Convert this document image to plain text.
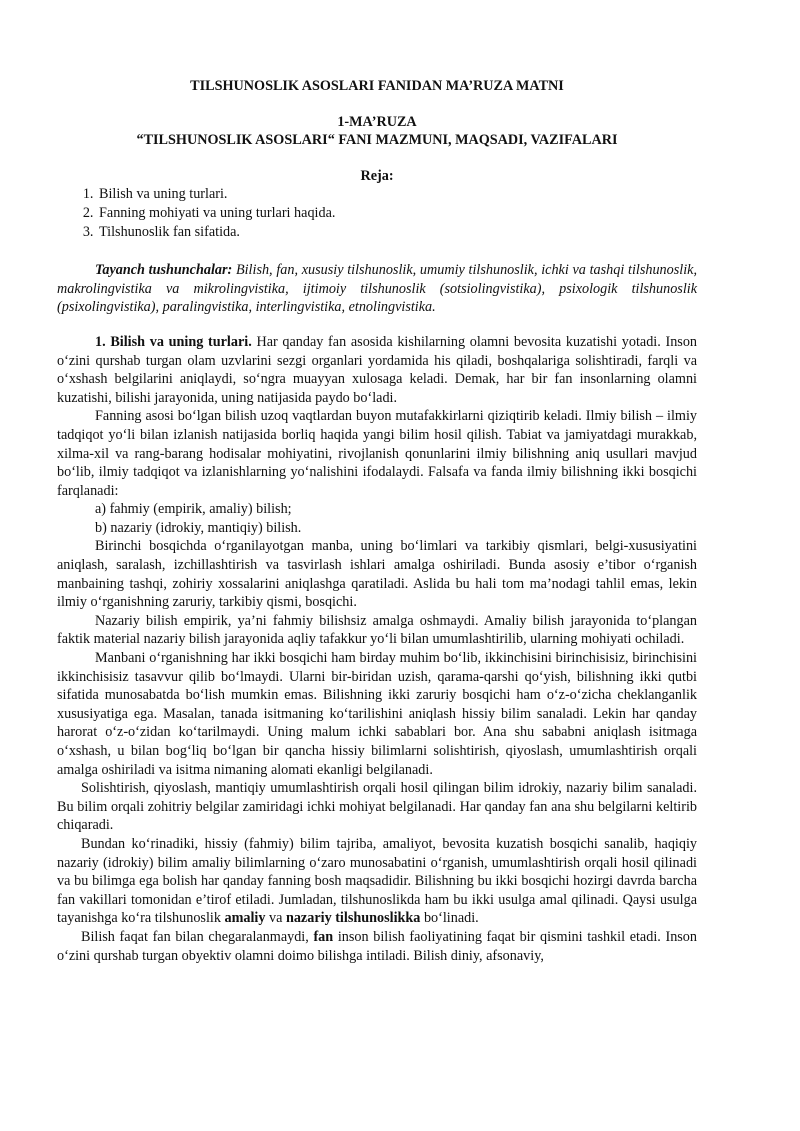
TILSHUNOSLIK ASOSLARI FANIDAN MA’RUZA MATNI
1-MA’RUZA
“TILSHUNOSLIK ASOSLARI“ FANI MAZMUNI, MAQSADI, VAZIFALARI
Reja:
1. Bilish va uning turlari.
2. Fanning mohiyati va uning turlari haqida.
3. Tilshunoslik fan sifatida.
Tayanch tushunchalar: Bilish, fan, xususiy tilshunoslik, umumiy tilshunoslik, ichki va tashqi tilshunoslik, makrolingvistika va mikrolingvistika, ijtimoiy tilshunoslik (sotsiolingvistika), psixologik tilshunoslik (psixolingvistika), paralingvistika, interlingvistika, etnolingvistika.

1. Bilish va uning turlari. Har qanday fan asosida kishilarning olamni bevosita kuzatishi yotadi. Inson o‘zini qurshab turgan olam uzvlarini sezgi organlari yordamida his qiladi, boshqalariga solishtiradi, farqli va o‘xshash belgilarini aniqlaydi, so‘ngra muayyan xulosaga keladi. Demak, har bir fan insonlarning olamni kuzatishi, bilishi jarayonida, uning natijasida paydo bo‘ladi.

Fanning asosi bo‘lgan bilish uzoq vaqtlardan buyon mutafakkirlarni qiziqtirib keladi. Ilmiy bilish – ilmiy tadqiqot yo‘li bilan izlanish natijasida borliq haqida yangi bilim hosil qilish. Tabiat va jamiyatdagi murakkab, xilma-xil va rang-barang hodisalar mohiyatini, rivojlanish qonunlarini ilmiy bilishning aniq usullari mavjud bo‘lib, ilmiy tadqiqot va izlanishlarning yo‘nalishini ifodalaydi. Falsafa va fanda ilmiy bilishning ikki bosqichi farqlanadi:

a) fahmiy (empirik, amaliy) bilish;

b) nazariy (idrokiy, mantiqiy) bilish.

Birinchi bosqichda o‘rganilayotgan manba, uning bo‘limlari va tarkibiy qismlari, belgi-xususiyatini aniqlash, saralash, izchillashtirish va tasvirlash ishlari amalga oshiriladi. Bunda asosiy e’tibor o‘rganish manbaining tashqi, zohiriy xossalarini aniqlashga qaratiladi. Aslida bu hali tom ma’nodagi tahlil emas, lekin ilmiy o‘rganishning zaruriy, tarkibiy qismi, bosqichi.

Nazariy bilish empirik, ya’ni fahmiy bilishsiz amalga oshmaydi. Amaliy bilish jarayonida to‘plangan faktik material nazariy bilish jarayonida aqliy tafakkur yo‘li bilan umumlashtirilib, ularning mohiyati ochiladi.

Manbani o‘rganishning har ikki bosqichi ham birday muhim bo‘lib, ikkinchisini birinchisisiz, birinchisini ikkinchisisiz tasavvur qilib bo‘lmaydi. Ularni bir-biridan uzish, qarama-qarshi qo‘yish, bilishning ikki qutbi sifatida munosabatda bo‘lish mumkin emas. Bilishning ikki zaruriy bosqichi ham o‘z-o‘zicha cheklanganlik xususiyatiga ega. Masalan, tanada isitmaning ko‘tarilishini aniqlash hissiy bilim sanaladi. Lekin har qanday harorat o‘z-o‘zidan ko‘tarilmaydi. Uning malum ichki sabablari bor. Ana shu sababni aniqlash isitmaga o‘xshash, u bilan bog‘liq bo‘lgan bir qancha hissiy bilimlarni solishtirish, qiyoslash, umumlashtirish orqali amalga oshiriladi va isitma nimaning alomati ekanligi belgilanadi.

Solishtirish, qiyoslash, mantiqiy umumlashtirish orqali hosil qilingan bilim idrokiy, nazariy bilim sanaladi. Bu bilim orqali zohitriy belgilar zamiridagi ichki mohiyat belgilanadi. Har qanday fan ana shu belgilarni keltirib chiqaradi.

Bundan ko‘rinadiki, hissiy (fahmiy) bilim tajriba, amaliyot, bevosita kuzatish bosqichi sanalib, haqiqiy nazariy (idrokiy) bilim amaliy bilimlarning o‘zaro munosabatini o‘rganish, umumlashtirish orqali hosil qilinadi va bu bilimga ega bolish har qanday fanning bosh maqsadidir. Bilishning bu ikki bosqichi hozirgi davrda barcha fan vakillari tomonidan e’tirof etiladi. Jumladan, tilshunoslikda ham bu ikki usulga amal qilinadi. Qaysi usulga tayanishga ko‘ra tilshunoslik amaliy va nazariy tilshunoslikka bo‘linadi.

Bilish faqat fan bilan chegaralanmaydi, fan inson bilish faoliyatining faqat bir qismini tashkil etadi. Inson o‘zini qurshab turgan obyektiv olamni doimo bilishga intiladi. Bilish diniy, afsonaviy,
